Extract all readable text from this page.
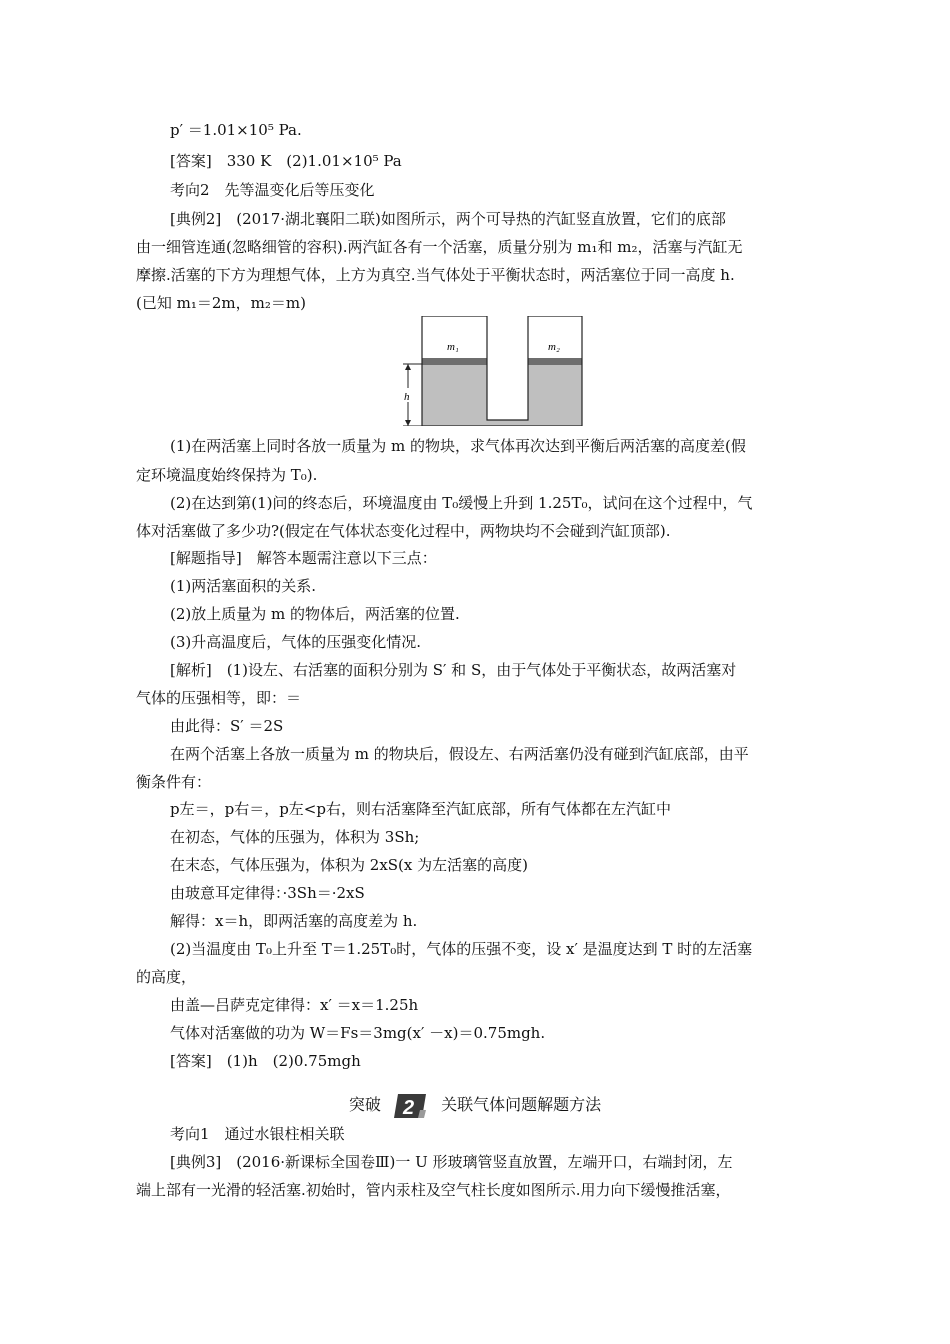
p′ ＝1.01×10⁵ Pa.
[答案]　330 K　(2)1.01×10⁵ Pa
考向2　先等温变化后等压变化
[典例2]　(2017·湖北襄阳二联)如图所示，两个可导热的汽缸竖直放置，它们的底部
由一细管连通(忽略细管的容积).两汽缸各有一个活塞，质量分别为 m₁和 m₂，活塞与汽缸无
摩擦.活塞的下方为理想气体，上方为真空.当气体处于平衡状态时，两活塞位于同一高度 h.
(已知 m₁＝2m，m₂＝m)
h
m₁	m₂
(1)在两活塞上同时各放一质量为 m 的物块，求气体再次达到平衡后两活塞的高度差(假
定环境温度始终保持为 T₀).
(2)在达到第(1)问的终态后，环境温度由 T₀缓慢上升到 1.25T₀，试问在这个过程中，气
体对活塞做了多少功?(假定在气体状态变化过程中，两物块均不会碰到汽缸顶部).
[解题指导]　解答本题需注意以下三点：
(1)两活塞面积的关系.
(2)放上质量为 m 的物体后，两活塞的位置.
(3)升高温度后，气体的压强变化情况.
[解析]　(1)设左、右活塞的面积分别为 S′ 和 S，由于气体处于平衡状态，故两活塞对
气体的压强相等，即：＝
由此得：S′ ＝2S
在两个活塞上各放一质量为 m 的物块后，假设左、右两活塞仍没有碰到汽缸底部，由平
衡条件有：
p左＝，p右＝，p左<p右，则右活塞降至汽缸底部，所有气体都在左汽缸中
在初态，气体的压强为，体积为 3Sh;
在末态，气体压强为，体积为 2xS(x 为左活塞的高度)
由玻意耳定律得：·3Sh＝·2xS
解得：x＝h，即两活塞的高度差为 h.
(2)当温度由 T₀上升至 T＝1.25T₀时，气体的压强不变，设 x′ 是温度达到 T 时的左活塞
的高度，
由盖—吕萨克定律得：x′ ＝x＝1.25h
气体对活塞做的功为 W＝Fs＝3mg(x′ －x)＝0.75mgh.
[答案]　(1)h　(2)0.75mgh
突破 2 关联气体问题解题方法
考向1　通过水银柱相关联
[典例3]　(2016·新课标全国卷Ⅲ)一 U 形玻璃管竖直放置，左端开口，右端封闭，左
端上部有一光滑的轻活塞.初始时，管内汞柱及空气柱长度如图所示.用力向下缓慢推活塞，
